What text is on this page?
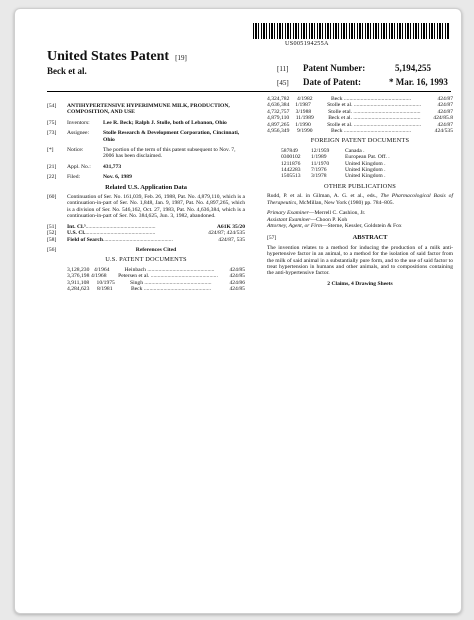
US005194255A
United States Patent [19]
Beck et al.	[11] Patent Number:	5,194,255
[45] Date of Patent:	* Mar. 16, 1993
[54]	ANTIHYPERTENSIVE HYPERIMMUNE MILK, PRODUCTION, COMPOSITION, AND USE
[75]	Inventors:	Lee R. Beck; Ralph J. Stolle, both of Lebanon, Ohio
[73]	Assignee:	Stolle Research & Development Corporation, Cincinnati, Ohio
[*]	Notice:	The portion of the term of this patent subsequent to Nov. 7, 2006 has been disclaimed.
[21]	Appl. No.:	431,773
[22]	Filed:	Nov. 6, 1989
Related U.S. Application Data
[60]	Continuation of Ser. No. 161,039, Feb. 26, 1988, Pat. No. 4,879,110, which is a continuation-in-part of Ser. No. 1,848, Jan. 9, 1987, Pat. No. 4,897,265, which is a division of Ser. No. 546,162, Oct. 27, 1983, Pat. No. 4,636,384, which is a continuation-in-part of Ser. No. 384,625, Jun. 3, 1982, abandoned.
[51]	Int. Cl.⁵ ..................................................	A61K 35/20
[52]	U.S. Cl. ..................................................	424/87; 424/535
[58]	Field of Search ..................................................	424/87, 535
[56]	References Cited
U.S. PATENT DOCUMENTS
3,128,230 4/1964	Heinbach ................................................	424/85
3,376,198 4/1968	Petersen et al. ................................................	424/85
3,911,108	10/1975	Singh ................................................	424/86
4,284,623	8/1981	Beck ................................................	424/85
4,324,782	4/1982	Beck ................................................	424/87
4,636,384	1/1987	Stolle et al. ................................................	424/87
4,732,757	3/1988	Stolle etal. ................................................	424/87
4,879,110	11/1989	Beck et al. ................................................	424/85.8
4,897,265	1/1990	Stolle et al. ................................................	424/87
4,956,349	9/1990	Beck ................................................	424/535
FOREIGN PATENT DOCUMENTS
587849	12/1959	Canada .
0300102	1/1989	European Pat. Off. .
1211876	11/1970	United Kingdom .
1442283	7/1976	United Kingdom .
1505513	3/1978	United Kingdom .
OTHER PUBLICATIONS
Rudd, P. et al. in Gilman, A. G. et al., eds., The Pharmacological Basis of Therapeutics, McMillan, New York (1980) pp. 784–805.
Primary Examiner—Merrell C. Cashion, Jr.
Assistant Examiner—Choon P. Koh
Attorney, Agent, or Firm—Sterne, Kessler, Goldstein & Fox
[57]	ABSTRACT
The invention relates to a method for inducing the production of a milk anti-hypertensive factor in an animal, to a method for the isolation of said factor from the milk of said animal in a substantially pure form, and to the use of said factor to treat hypertension in humans and other animals, and to compositions containing the anti-hypertensive factor.
2 Claims, 4 Drawing Sheets
